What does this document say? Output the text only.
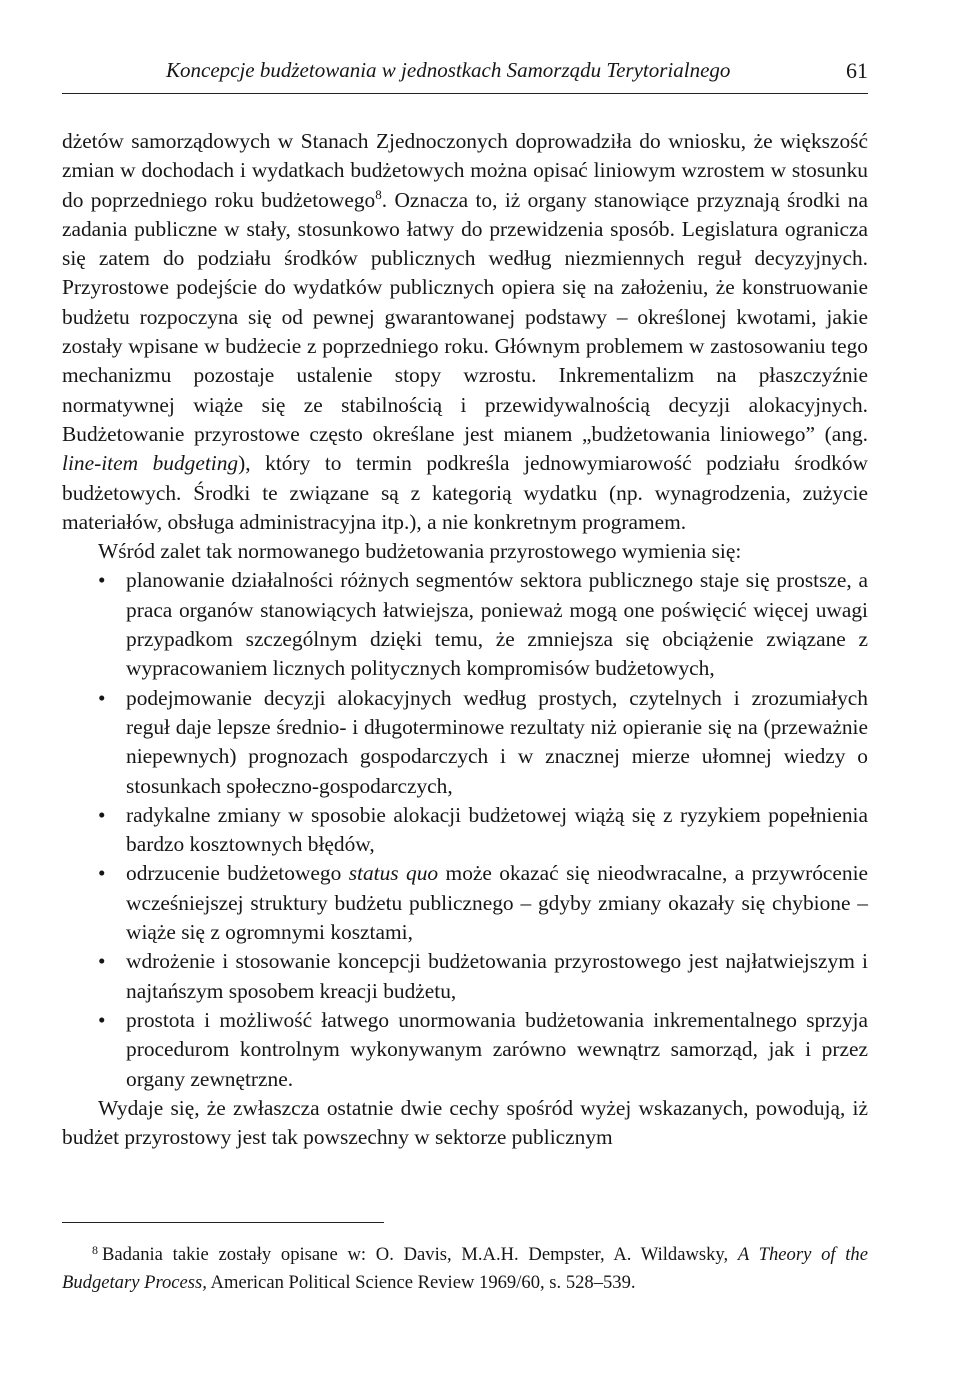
Koncepcje budżetowania w jednostkach Samorządu Terytorialnego	61

dżetów samorządowych w Stanach Zjednoczonych doprowadziła do wniosku, że większość zmian w dochodach i wydatkach budżetowych można opisać liniowym wzrostem w stosunku do poprzedniego roku budżetowego$^8$. Oznacza to, iż organy stanowiące przyznają środki na zadania publiczne w stały, stosunkowo łatwy do przewidzenia sposób. Legislatura ogranicza się zatem do podziału środków publicznych według niezmiennych reguł decyzyjnych. Przyrostowe podejście do wydatków publicznych opiera się na założeniu, że konstruowanie budżetu rozpoczyna się od pewnej gwarantowanej podstawy – określonej kwotami, jakie zostały wpisane w budżecie z poprzedniego roku. Głównym problemem w zastosowaniu tego mechanizmu pozostaje ustalenie stopy wzrostu. Inkrementalizm na płaszczyźnie normatywnej wiąże się ze stabilnością i przewidywalnością decyzji alokacyjnych. Budżetowanie przyrostowe często określane jest mianem „budżetowania liniowego” (ang. line-item budgeting), który to termin podkreśla jednowymiarowość podziału środków budżetowych. Środki te związane są z kategorią wydatku (np. wynagrodzenia, zużycie materiałów, obsługa administracyjna itp.), a nie konkretnym programem.

Wśród zalet tak normowanego budżetowania przyrostowego wymienia się:

• planowanie działalności różnych segmentów sektora publicznego staje się prostsze, a praca organów stanowiących łatwiejsza, ponieważ mogą one poświęcić więcej uwagi przypadkom szczególnym dzięki temu, że zmniejsza się obciążenie związane z wypracowaniem licznych politycznych kompromisów budżetowych,
• podejmowanie decyzji alokacyjnych według prostych, czytelnych i zrozumiałych reguł daje lepsze średnio- i długoterminowe rezultaty niż opieranie się na (przeważnie niepewnych) prognozach gospodarczych i w znacznej mierze ułomnej wiedzy o stosunkach społeczno-gospodarczych,
• radykalne zmiany w sposobie alokacji budżetowej wiążą się z ryzykiem popełnienia bardzo kosztownych błędów,
• odrzucenie budżetowego status quo może okazać się nieodwracalne, a przywrócenie wcześniejszej struktury budżetu publicznego – gdyby zmiany okazały się chybione – wiąże się z ogromnymi kosztami,
• wdrożenie i stosowanie koncepcji budżetowania przyrostowego jest najłatwiejszym i najtańszym sposobem kreacji budżetu,
• prostota i możliwość łatwego unormowania budżetowania inkrementalnego sprzyja procedurom kontrolnym wykonywanym zarówno wewnątrz samorząd, jak i przez organy zewnętrzne.

Wydaje się, że zwłaszcza ostatnie dwie cechy spośród wyżej wskazanych, powodują, iż budżet przyrostowy jest tak powszechny w sektorze publicznym

$^8$ Badania takie zostały opisane w: O. Davis, M.A.H. Dempster, A. Wildawsky, A Theory of the Budgetary Process, American Political Science Review 1969/60, s. 528–539.
